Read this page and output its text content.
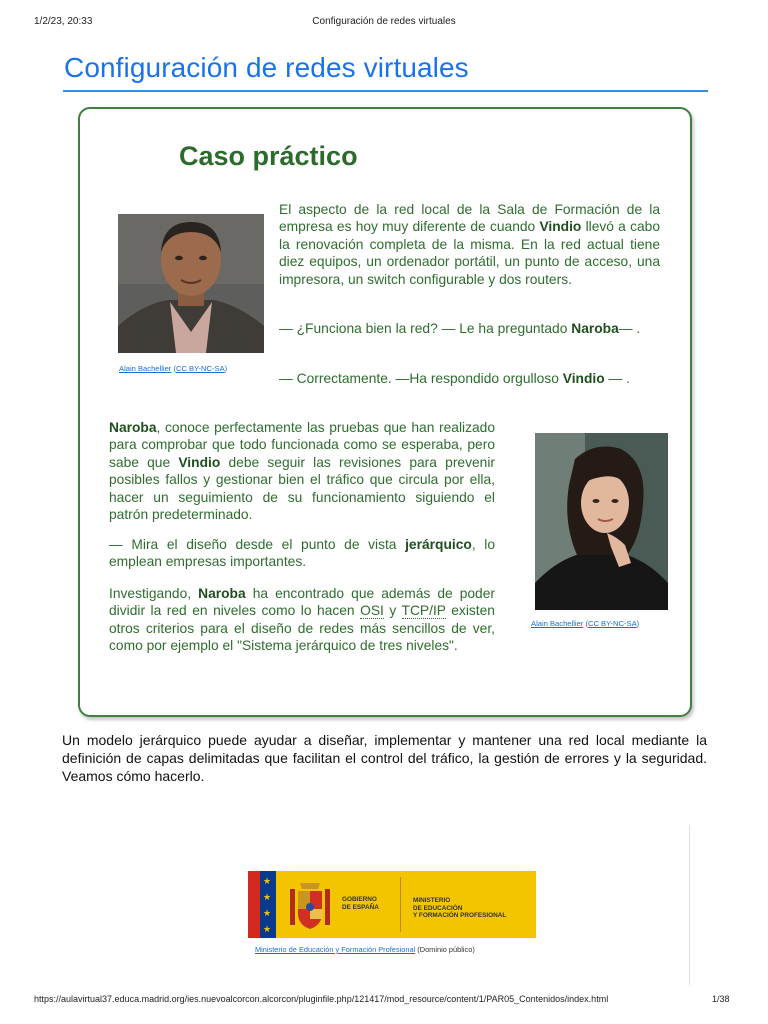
1/2/23, 20:33	Configuración de redes virtuales
Configuración de redes virtuales
Caso práctico
Alain Bachellier (CC BY-NC-SA)

El aspecto de la red local de la Sala de Formación de la empresa es hoy muy diferente de cuando Vindio llevó a cabo la renovación completa de la misma. En la red actual tiene diez equipos, un ordenador portátil, un punto de acceso, una impresora, un switch configurable y dos routers.

— ¿Funciona bien la red? — Le ha preguntado Naroba— .

— Correctamente. —Ha respondido orgulloso Vindio — .

Naroba, conoce perfectamente las pruebas que han realizado para comprobar que todo funcionada como se esperaba, pero sabe que Vindio debe seguir las revisiones para prevenir posibles fallos y gestionar bien el tráfico que circula por ella, hacer un seguimiento de su funcionamiento siguiendo el patrón predeterminado.

— Mira el diseño desde el punto de vista jerárquico, lo emplean empresas importantes.

Investigando, Naroba ha encontrado que además de poder dividir la red en niveles como lo hacen OSI y TCP/IP existen otros criterios para el diseño de redes más sencillos de ver, como por ejemplo el "Sistema jerárquico de tres niveles".

Alain Bachellier (CC BY-NC-SA)

Un modelo jerárquico puede ayudar a diseñar, implementar y mantener una red local mediante la definición de capas delimitadas que facilitan el control del tráfico, la gestión de errores y la seguridad. Veamos cómo hacerlo.

★
★
★
★
GOBIERNO
DE ESPAÑA
MINISTERIO
DE EDUCACIÓN
Y FORMACIÓN PROFESIONAL
Ministerio de Educación y Formación Profesional (Dominio público)
https://aulavirtual37.educa.madrid.org/ies.nuevoalcorcon.alcorcon/pluginfile.php/121417/mod_resource/content/1/PAR05_Contenidos/index.html	1/38
